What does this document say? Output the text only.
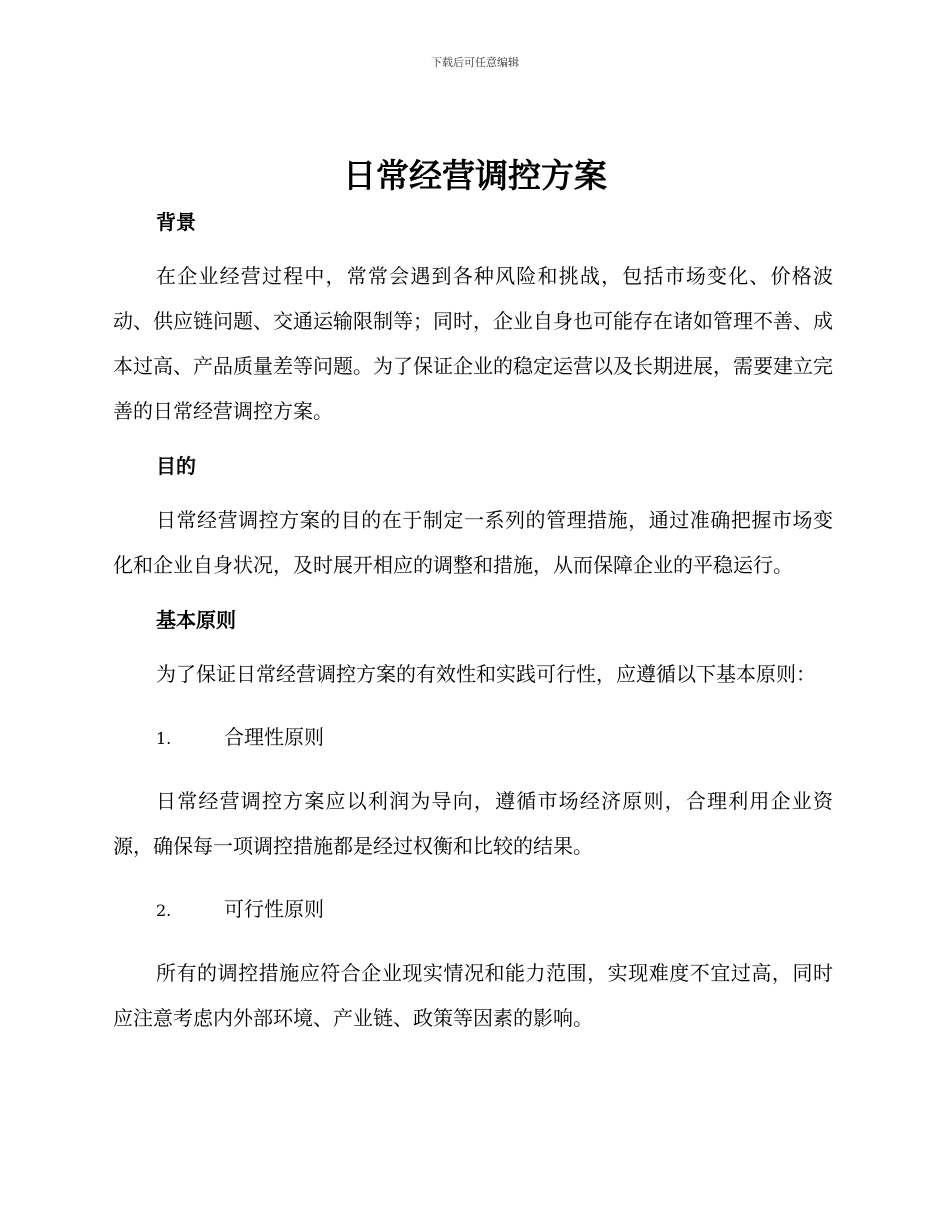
下载后可任意编辑
日常经营调控方案
背景

在企业经营过程中，常常会遇到各种风险和挑战，包括市场变化、价格波动、供应链问题、交通运输限制等；同时，企业自身也可能存在诸如管理不善、成本过高、产品质量差等问题。为了保证企业的稳定运营以及长期进展，需要建立完善的日常经营调控方案。

目的

日常经营调控方案的目的在于制定一系列的管理措施，通过准确把握市场变化和企业自身状况，及时展开相应的调整和措施，从而保障企业的平稳运行。

基本原则

为了保证日常经营调控方案的有效性和实践可行性，应遵循以下基本原则：

1.	合理性原则

日常经营调控方案应以利润为导向，遵循市场经济原则，合理利用企业资源，确保每一项调控措施都是经过权衡和比较的结果。

2.	可行性原则

所有的调控措施应符合企业现实情况和能力范围，实现难度不宜过高，同时应注意考虑内外部环境、产业链、政策等因素的影响。
